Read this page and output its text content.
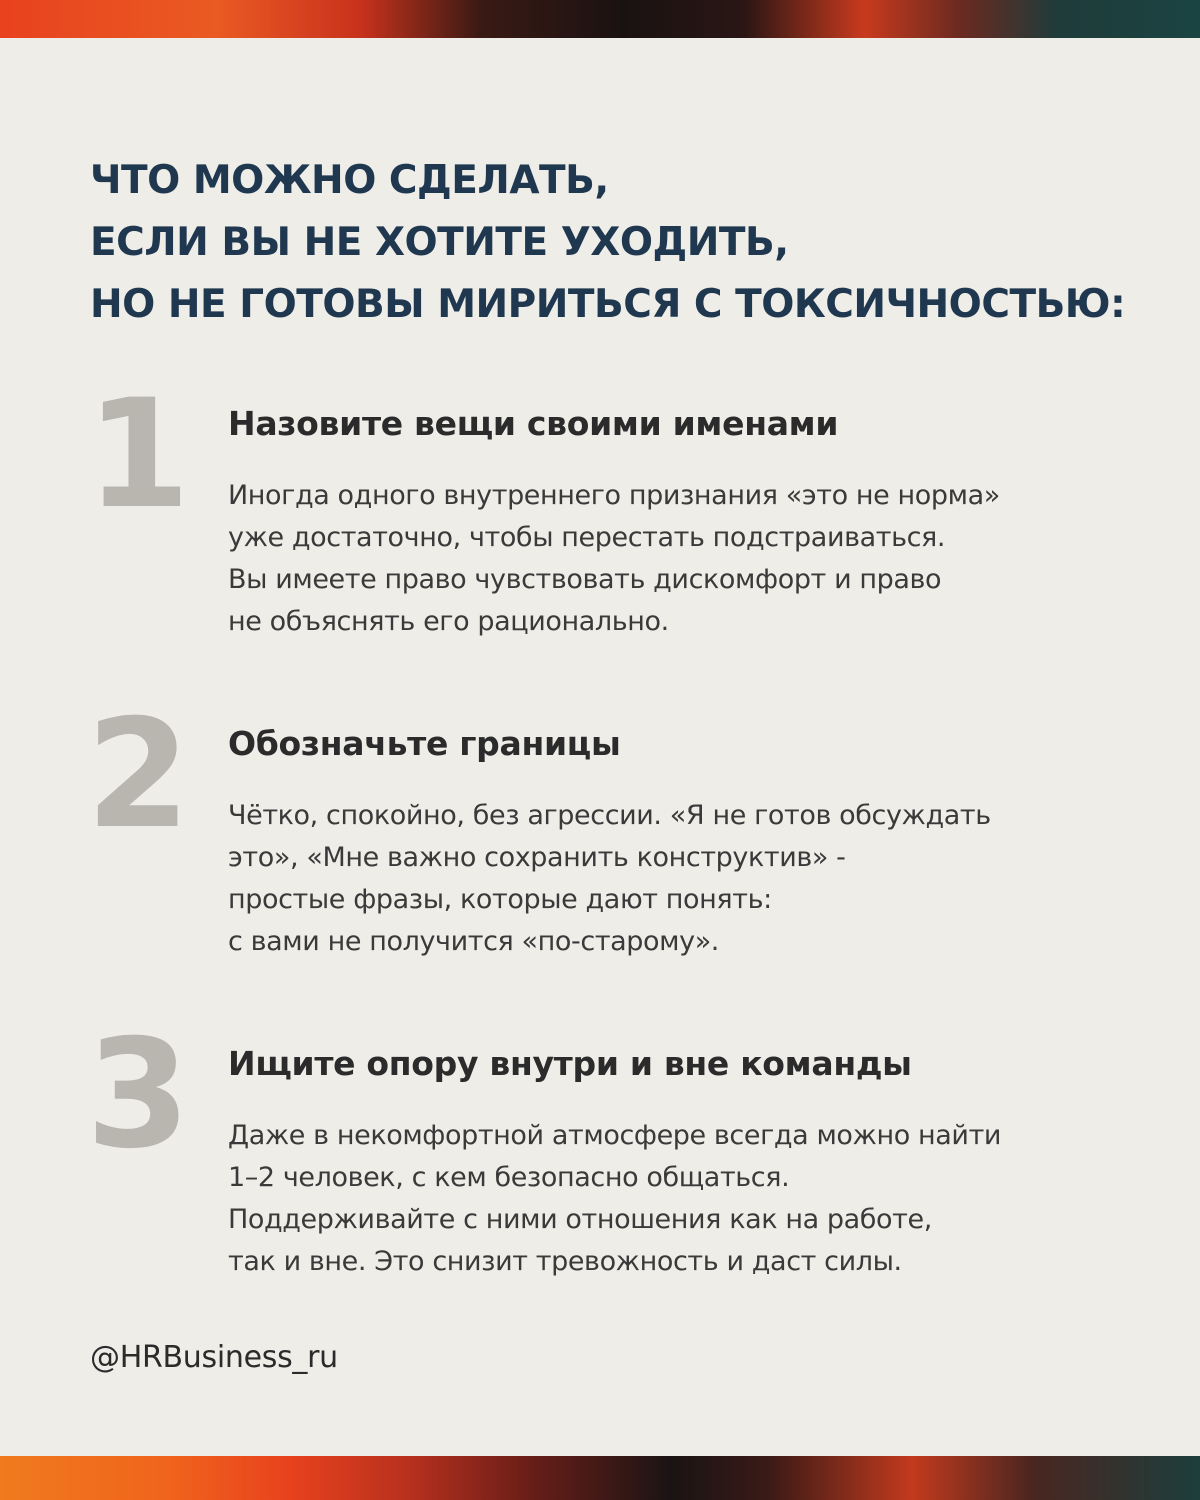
ЧТО МОЖНО СДЕЛАТЬ,
ЕСЛИ ВЫ НЕ ХОТИТЕ УХОДИТЬ,
НО НЕ ГОТОВЫ МИРИТЬСЯ С ТОКСИЧНОСТЬЮ:
1 Назовите вещи своими именами

Иногда одного внутреннего признания «это не норма»
уже достаточно, чтобы перестать подстраиваться.
Вы имеете право чувствовать дискомфорт и право
не объяснять его рационально.

2 Обозначьте границы

Чётко, спокойно, без агрессии. «Я не готов обсуждать
это», «Мне важно сохранить конструктив» -
простые фразы, которые дают понять:
с вами не получится «по-старому».

3 Ищите опору внутри и вне команды

Даже в некомфортной атмосфере всегда можно найти
1–2 человек, с кем безопасно общаться.
Поддерживайте с ними отношения как на работе,
так и вне. Это снизит тревожность и даст силы.

@HRBusiness_ru
